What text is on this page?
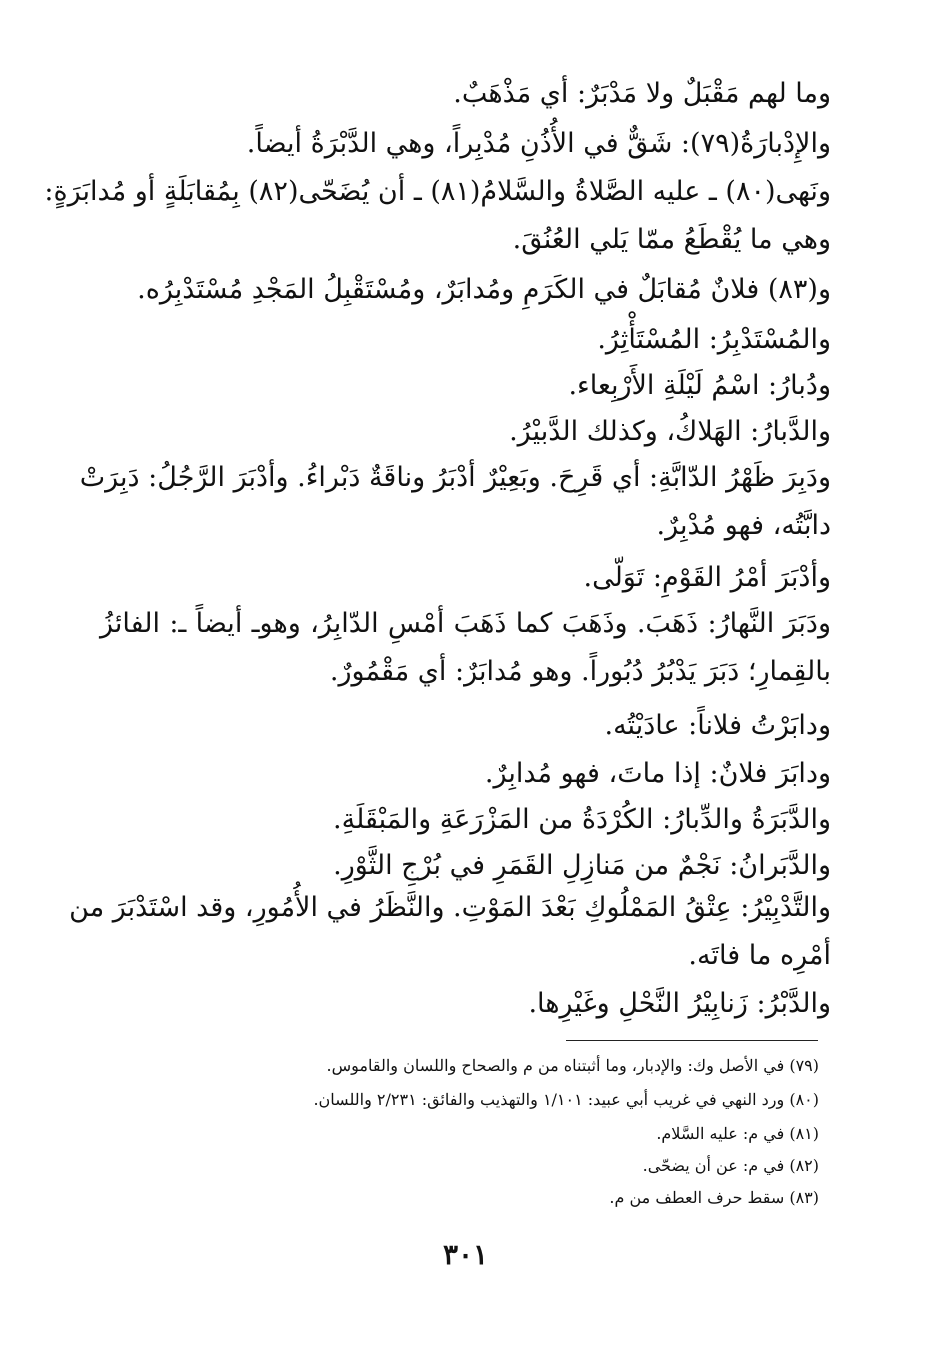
وما لهم مَقْبَلٌ ولا مَدْبَرٌ: أي مَذْهَبٌ.
والإِدْبارَةُ(٧٩): شَقٌّ في الأُذُنِ مُدْبِراً، وهي الدَّبْرَةُ أيضاً.
ونَهى(٨٠) ـ عليه الصَّلاةُ والسَّلامُ(٨١) ـ أن يُضَحّى(٨٢) بِمُقابَلَةٍ أو مُدابَرَةٍ:
وهي ما يُقْطَعُ ممّا يَلي العُنُقَ.
و(٨٣) فلانٌ مُقابَلٌ في الكَرَمِ ومُدابَرٌ، ومُسْتَقْبِلُ المَجْدِ مُسْتَدْبِرُه.
والمُسْتَدْبِرُ: المُسْتَأْثِرُ.
ودُبارُ: اسْمُ لَيْلَةِ الأَرْبِعاء.
والدَّبارُ: الهَلاكُ، وكذلك الدَّبيْرُ.
ودَبِرَ ظَهْرُ الدّابَّةِ: أي قَرِحَ. وبَعِيْرٌ أدْبَرُ وناقَةٌ دَبْراءُ. وأدْبَرَ الرَّجُلُ: دَبِرَتْ
دابَّتُه، فهو مُدْبِرٌ.
وأدْبَرَ أمْرُ القَوْمِ: تَوَلّى.
ودَبَرَ النَّهارُ: ذَهَبَ. وذَهَبَ كما ذَهَبَ أمْسِ الدّابِرُ، وهوـ أيضاً ـ: الفائزُ
بالقِمارِ؛ دَبَرَ يَدْبُرُ دُبُوراً. وهو مُدابَرٌ: أي مَقْمُورٌ.
ودابَرْتُ فلاناً: عادَيْتُه.
ودابَرَ فلانٌ: إذا ماتَ، فهو مُدابِرٌ.
والدَّبَرَةُ والدِّبارُ: الكُرْدَةُ من المَزْرَعَةِ والمَبْقَلَةِ.
والدَّبَرانُ: نَجْمٌ من مَنازِلِ القَمَرِ في بُرْجِ الثَّوْرِ.
والتَّدْبِيْرُ: عِتْقُ المَمْلُوكِ بَعْدَ المَوْتِ. والنَّظَرُ في الأُمُورِ، وقد اسْتَدْبَرَ من
أمْرِه ما فاتَه.
والدَّبْرُ: زَنابِيْرُ النَّحْلِ وغَيْرِها.
(٧٩) في الأصل وك: والإدبار، وما أثبتناه من م والصحاح واللسان والقاموس.
(٨٠) ورد النهي في غريب أبي عبيد: ١/١٠١ والتهذيب والفائق: ٢/٢٣١ واللسان.
(٨١) في م: عليه السَّلام.
(٨٢) في م: عن أن يضحّى.
(٨٣) سقط حرف العطف من م.
٣٠١
